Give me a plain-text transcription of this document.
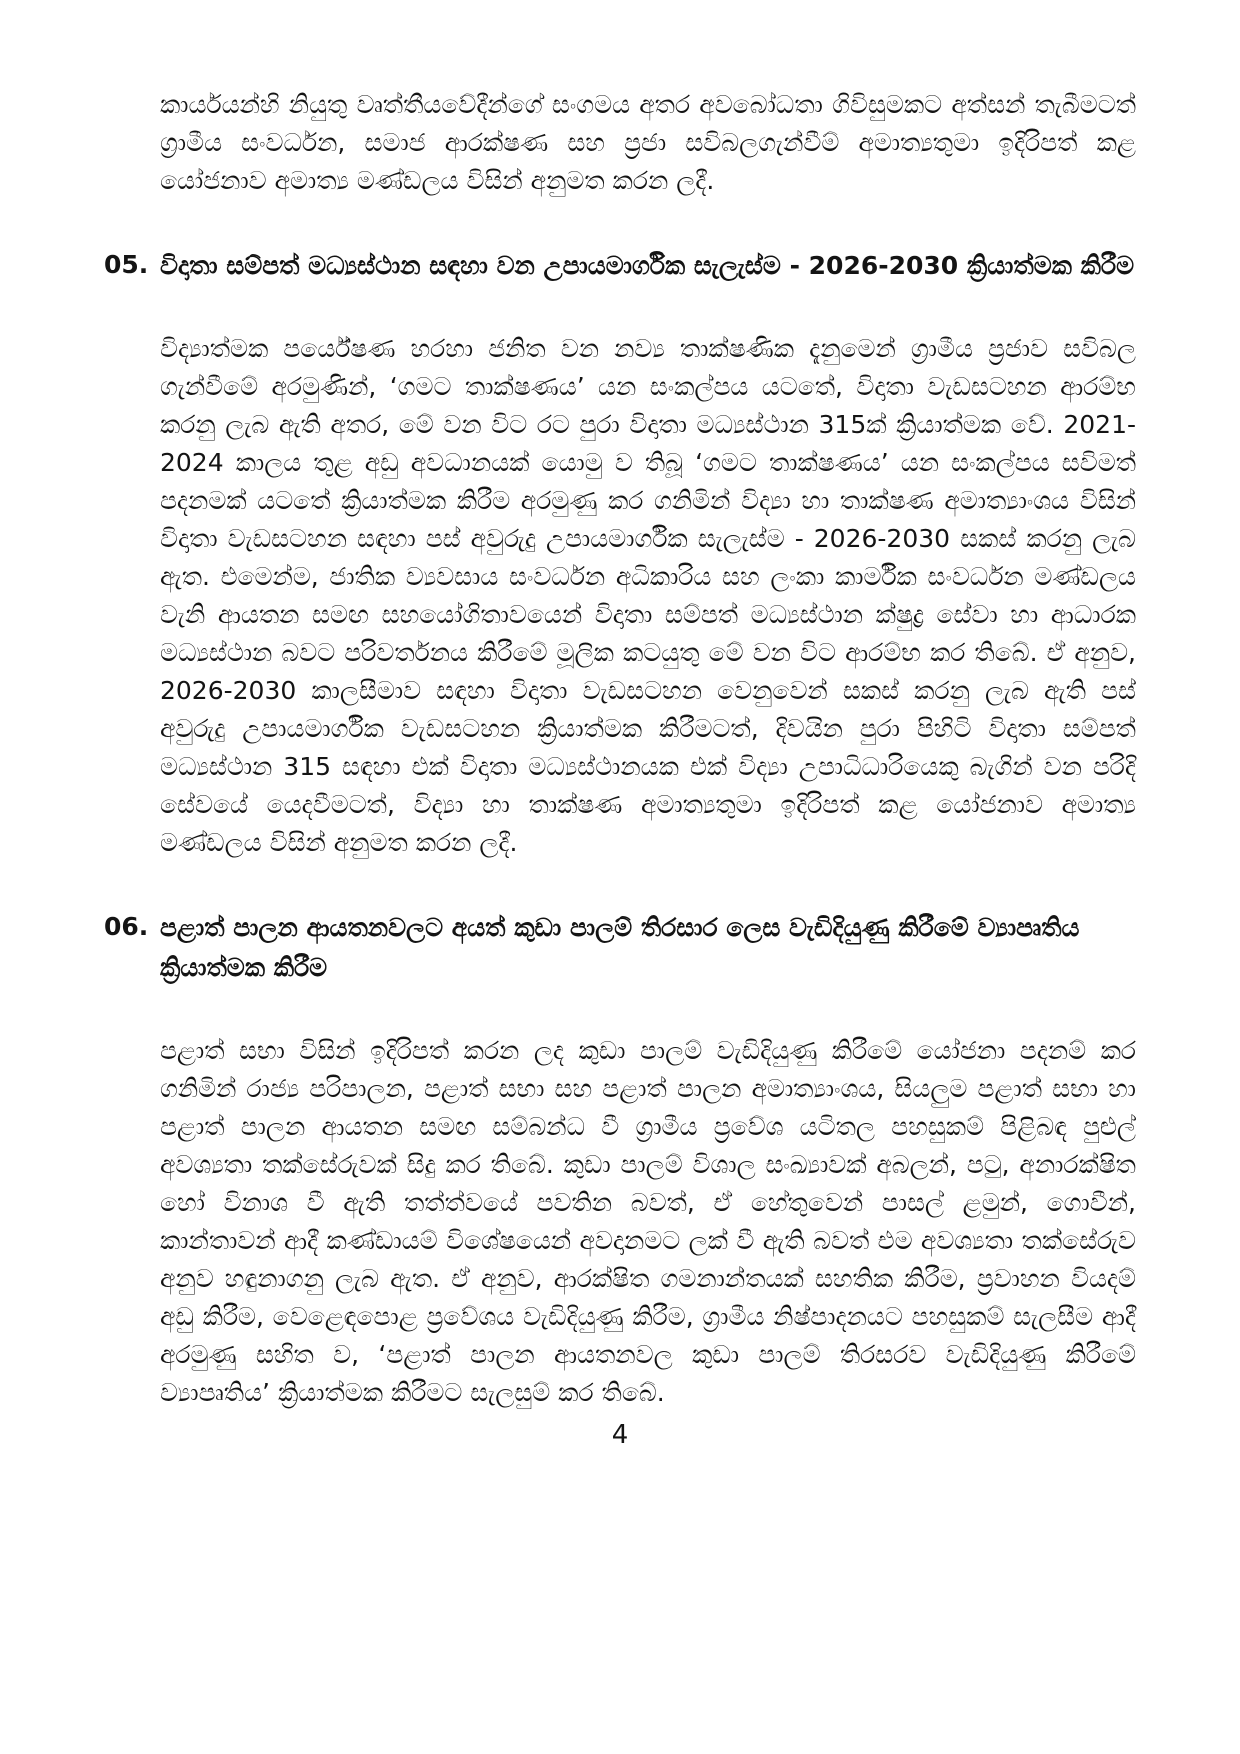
කාර්යයන්හි නියුතු වෘත්තීයවේදීන්ගේ සංගමය අතර අවබෝධතා ගිවිසුමකට අත්සන් තැබීමටත් ග්‍රාමීය සංවර්ධන, සමාජ ආරක්ෂණ සහ ප්‍රජා සවිබලගැන්වීම් අමාත්‍යතුමා ඉදිරිපත් කළ යෝජනාව අමාත්‍ය මණ්ඩලය විසින් අනුමත කරන ලදී.

05. විදාතා සම්පත් මධ්‍යස්ථාන සඳහා වන උපායමාර්ගික සැලැස්ම - 2026-2030 ක්‍රියාත්මක කිරීම

විද්‍යාත්මක පර්යේෂණ හරහා ජනිත වන නව්‍ය තාක්ෂණික දැනුමෙන් ග්‍රාමීය ප්‍රජාව සවිබල ගැන්වීමේ අරමුණින්, ‘ගමට තාක්ෂණය’ යන සංකල්පය යටතේ, විදාතා වැඩසටහන ආරම්භ කරනු ලැබ ඇති අතර, මේ වන විට රට පුරා විදාතා මධ්‍යස්ථාන 315ක් ක්‍රියාත්මක වේ. 2021-2024 කාලය තුළ අඩු අවධානයක් යොමු ව තිබූ ‘ගමට තාක්ෂණය’ යන සංකල්පය සවිමත් පදනමක් යටතේ ක්‍රියාත්මක කිරීම අරමුණු කර ගනිමින් විද්‍යා හා තාක්ෂණ අමාත්‍යාංශය විසින් විදාතා වැඩසටහන සඳහා පස් අවුරුදු උපායමාර්ගික සැලැස්ම - 2026-2030 සකස් කරනු ලැබ ඇත. එමෙන්ම, ජාතික ව්‍යවසාය සංවර්ධන අධිකාරිය සහ ලංකා කාර්මික සංවර්ධන මණ්ඩලය වැනි ආයතන සමඟ සහයෝගිතාවයෙන් විදාතා සම්පත් මධ්‍යස්ථාන ක්ෂුද්‍ර සේවා හා ආධාරක මධ්‍යස්ථාන බවට පරිවර්තනය කිරීමේ මූලික කටයුතු මේ වන විට ආරම්භ කර තිබේ. ඒ අනුව, 2026-2030 කාලසීමාව සඳහා විදාතා වැඩසටහන වෙනුවෙන් සකස් කරනු ලැබ ඇති පස් අවුරුදු උපායමාර්ගික වැඩසටහන ක්‍රියාත්මක කිරීමටත්, දිවයින පුරා පිහිටි විදාතා සම්පත් මධ්‍යස්ථාන 315 සඳහා එක් විදාතා මධ්‍යස්ථානයක එක් විද්‍යා උපාධිධාරියෙකු බැගින් වන පරිදි සේවයේ යෙදවීමටත්, විද්‍යා හා තාක්ෂණ අමාත්‍යතුමා ඉදිරිපත් කළ යෝජනාව අමාත්‍ය මණ්ඩලය විසින් අනුමත කරන ලදී.

06. පළාත් පාලන ආයතනවලට අයත් කුඩා පාලම් තිරසාර ලෙස වැඩිදියුණු කිරීමේ ව්‍යාපෘතිය ක්‍රියාත්මක කිරීම

පළාත් සභා විසින් ඉදිරිපත් කරන ලද කුඩා පාලම් වැඩිදියුණු කිරීමේ යෝජනා පදනම් කර ගනිමින් රාජ්‍ය පරිපාලන, පළාත් සභා සහ පළාත් පාලන අමාත්‍යාංශය, සියලුම පළාත් සභා හා පළාත් පාලන ආයතන සමඟ සම්බන්ධ වී ග්‍රාමීය ප්‍රවේශ යටිතල පහසුකම් පිළිබඳ පුළුල් අවශ්‍යතා තක්සේරුවක් සිදු කර තිබේ. කුඩා පාලම් විශාල සංඛ්‍යාවක් අබලන්, පටු, අනාරක්ෂිත හෝ විනාශ වී ඇති තත්ත්වයේ පවතින බවත්, ඒ හේතුවෙන් පාසල් ළමුන්, ගොවීන්, කාන්තාවන් ආදී කණ්ඩායම් විශේෂයෙන් අවදානමට ලක් වී ඇති බවත් එම අවශ්‍යතා තක්සේරුව අනුව හඳුනාගනු ලැබ ඇත. ඒ අනුව, ආරක්ෂිත ගමනාන්තයක් සහතික කිරීම, ප්‍රවාහන වියදම් අඩු කිරීම, වෙළෙඳපොළ ප්‍රවේශය වැඩිදියුණු කිරීම, ග්‍රාමීය නිෂ්පාදනයට පහසුකම් සැලසීම ආදී අරමුණු සහිත ව, ‘පළාත් පාලන ආයතනවල කුඩා පාලම් තිරසරව වැඩිදියුණු කිරීමේ ව්‍යාපෘතිය’ ක්‍රියාත්මක කිරීමට සැලසුම් කර තිබේ.

4
